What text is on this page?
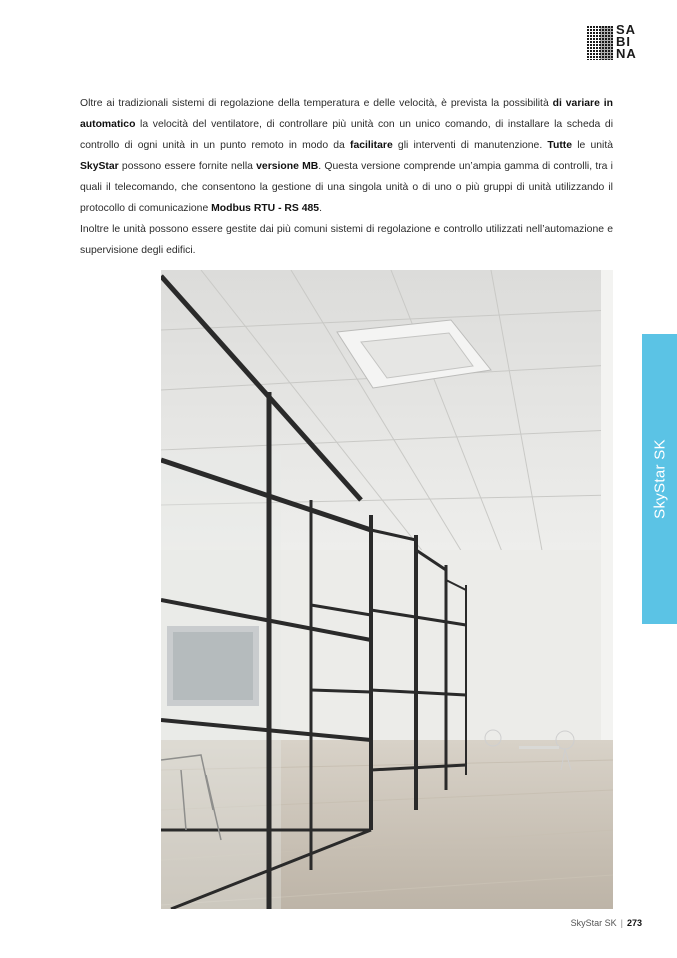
SA
BI
NA

Oltre ai tradizionali sistemi di regolazione della temperatura e delle velocità, è prevista la possibilità di variare in automatico la velocità del ventilatore, di controllare più unità con un unico comando, di installare la scheda di controllo di ogni unità in un punto remoto in modo da facilitare gli interventi di manutenzione. Tutte le unità SkyStar possono essere fornite nella versione MB. Questa versione comprende un’ampia gamma di controlli, tra i quali il telecomando, che consentono la gestione di una singola unità o di uno o più gruppi di unità utilizzando il protocollo di comunicazione Modbus RTU - RS 485.

Inoltre le unità possono essere gestite dai più comuni sistemi di regolazione e controllo utilizzati nell’automazione e supervisione degli edifici.

SkyStar SK
SkyStar SK | 273
